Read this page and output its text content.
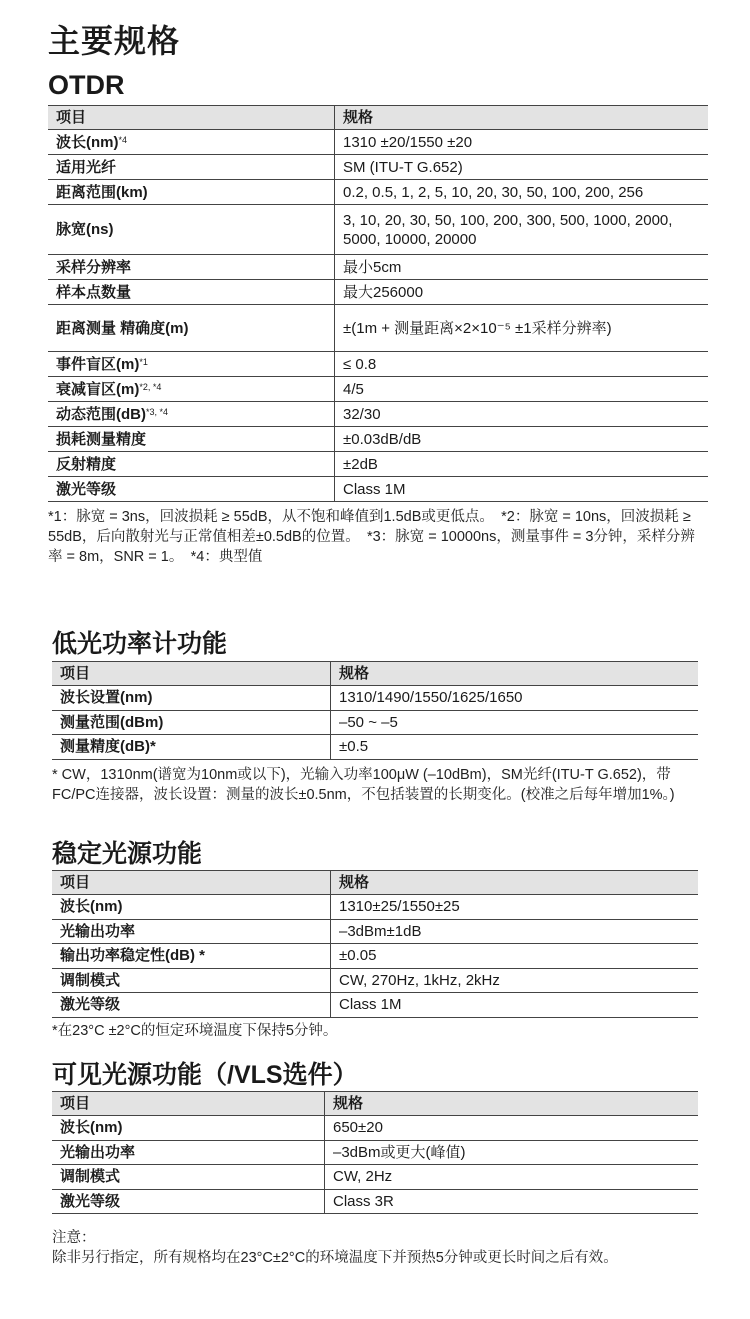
主要规格
OTDR
项目	规格
波长(nm)$^{*4}$	1310 ±20/1550 ±20
适用光纤	SM (ITU-T G.652)
距离范围(km)	0.2, 0.5, 1, 2, 5, 10, 20, 30, 50, 100, 200, 256
脉宽(ns)	3, 10, 20, 30, 50, 100, 200, 300, 500, 1000, 2000, 5000, 10000, 20000
采样分辨率	最小5cm
样本点数量	最大256000
距离测量 精确度(m)	±(1m + 测量距离×2×10⁻⁵ ±1采样分辨率)
事件盲区$(m)^{*1}$	≤ 0.8
衰减盲区$(m)^{*2, *4}$	4/5
动态范围(dB)$^{*3, *4}$	32/30
损耗测量精度	±0.03dB/dB
反射精度	±2dB
激光等级	Class 1M
*1：脉宽 = 3ns，回波损耗 ≥ 55dB，从不饱和峰值到1.5dB或更低点。　*2：脉宽 = 10ns，回波损耗 ≥ 55dB，后向散射光与正常值相差±0.5dB的位置。　*3：脉宽 = 10000ns，测量事件 = 3分钟，采样分辨率 = 8m，SNR = 1。　*4：典型值
低光功率计功能
项目	规格
波长设置(nm)	1310/1490/1550/1625/1650
测量范围(dBm)	–50 ~ –5
测量精度(dB)*	±0.5
* CW，1310nm(谱宽为10nm或以下)，光输入功率100μW (–10dBm)，SM光纤(ITU-T G.652)，带FC/PC连接器，波长设置：测量的波长±0.5nm，不包括装置的长期变化。(校准之后每年增加1%。)
稳定光源功能
项目	规格
波长(nm)	1310±25/1550±25
光输出功率	–3dBm±1dB
输出功率稳定性(dB) *	±0.05
调制模式	CW, 270Hz, 1kHz, 2kHz
激光等级	Class 1M
*在23°C ±2°C的恒定环境温度下保持5分钟。
可见光源功能（/VLS选件）
项目	规格
波长(nm)	650±20
光输出功率	–3dBm或更大(峰值)
调制模式	CW, 2Hz
激光等级	Class 3R
注意：
除非另行指定，所有规格均在23°C±2°C的环境温度下并预热5分钟或更长时间之后有效。
